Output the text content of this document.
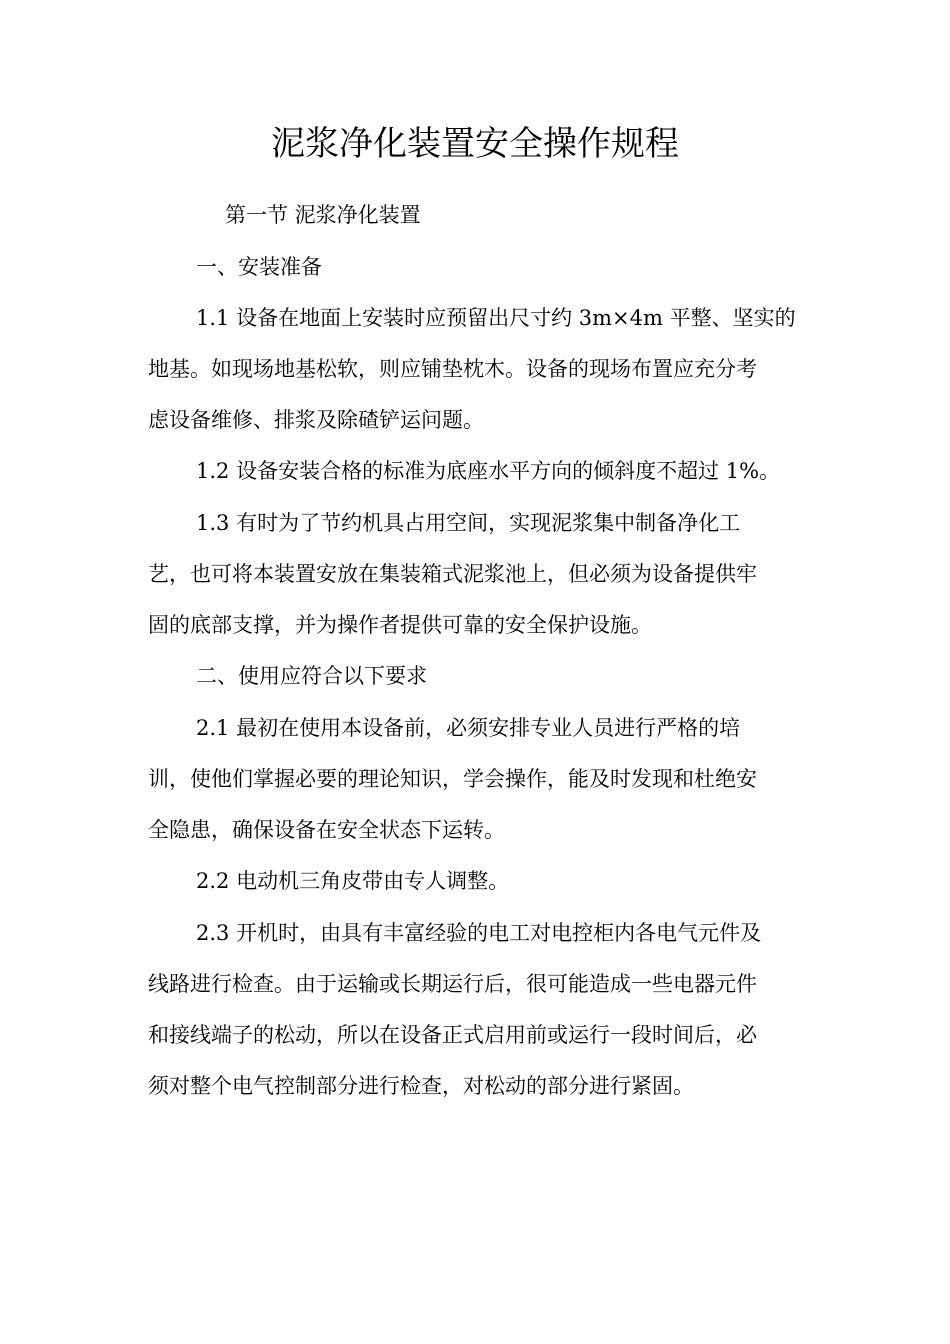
泥浆净化装置安全操作规程
第一节 泥浆净化装置
一、安装准备
1.1 设备在地面上安装时应预留出尺寸约 3m×4m 平整、坚实的
地基。如现场地基松软，则应铺垫枕木。设备的现场布置应充分考
虑设备维修、排浆及除碴铲运问题。
1.2 设备安装合格的标准为底座水平方向的倾斜度不超过 1%。
1.3 有时为了节约机具占用空间，实现泥浆集中制备净化工
艺，也可将本装置安放在集装箱式泥浆池上，但必须为设备提供牢
固的底部支撑，并为操作者提供可靠的安全保护设施。
二、使用应符合以下要求
2.1 最初在使用本设备前，必须安排专业人员进行严格的培
训，使他们掌握必要的理论知识，学会操作，能及时发现和杜绝安
全隐患，确保设备在安全状态下运转。
2.2 电动机三角皮带由专人调整。
2.3 开机时，由具有丰富经验的电工对电控柜内各电气元件及
线路进行检查。由于运输或长期运行后，很可能造成一些电器元件
和接线端子的松动，所以在设备正式启用前或运行一段时间后，必
须对整个电气控制部分进行检查，对松动的部分进行紧固。
